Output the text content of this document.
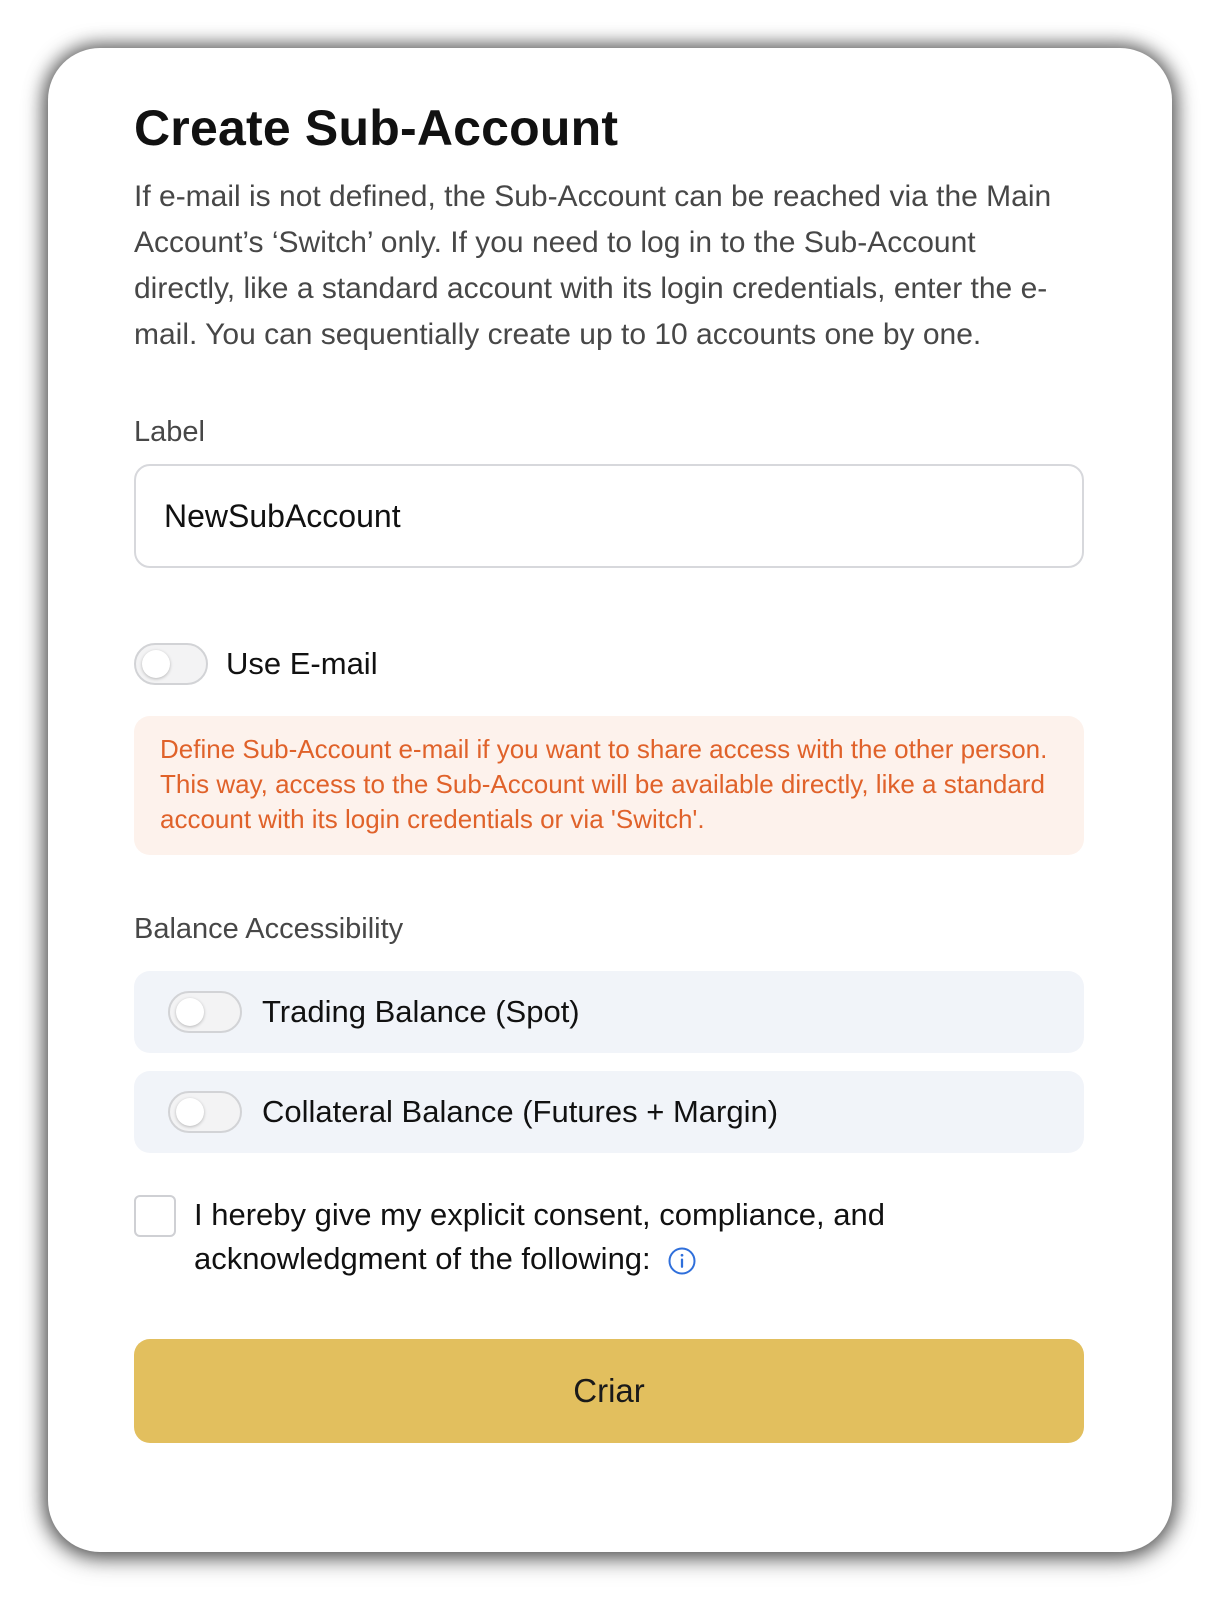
Create Sub-Account

If e-mail is not defined, the Sub-Account can be reached via the Main Account’s ‘Switch’ only. If you need to log in to the Sub-Account directly, like a standard account with its login credentials, enter the e-mail. You can sequentially create up to 10 accounts one by one.

Label
NewSubAccount
Use E-mail
Define Sub-Account e-mail if you want to share access with the other person. This way, access to the Sub-Account will be available directly, like a standard account with its login credentials or via 'Switch'.
Balance Accessibility
Trading Balance (Spot)
Collateral Balance (Futures + Margin)
I hereby give my explicit consent, compliance, and acknowledgment of the following:
Criar
